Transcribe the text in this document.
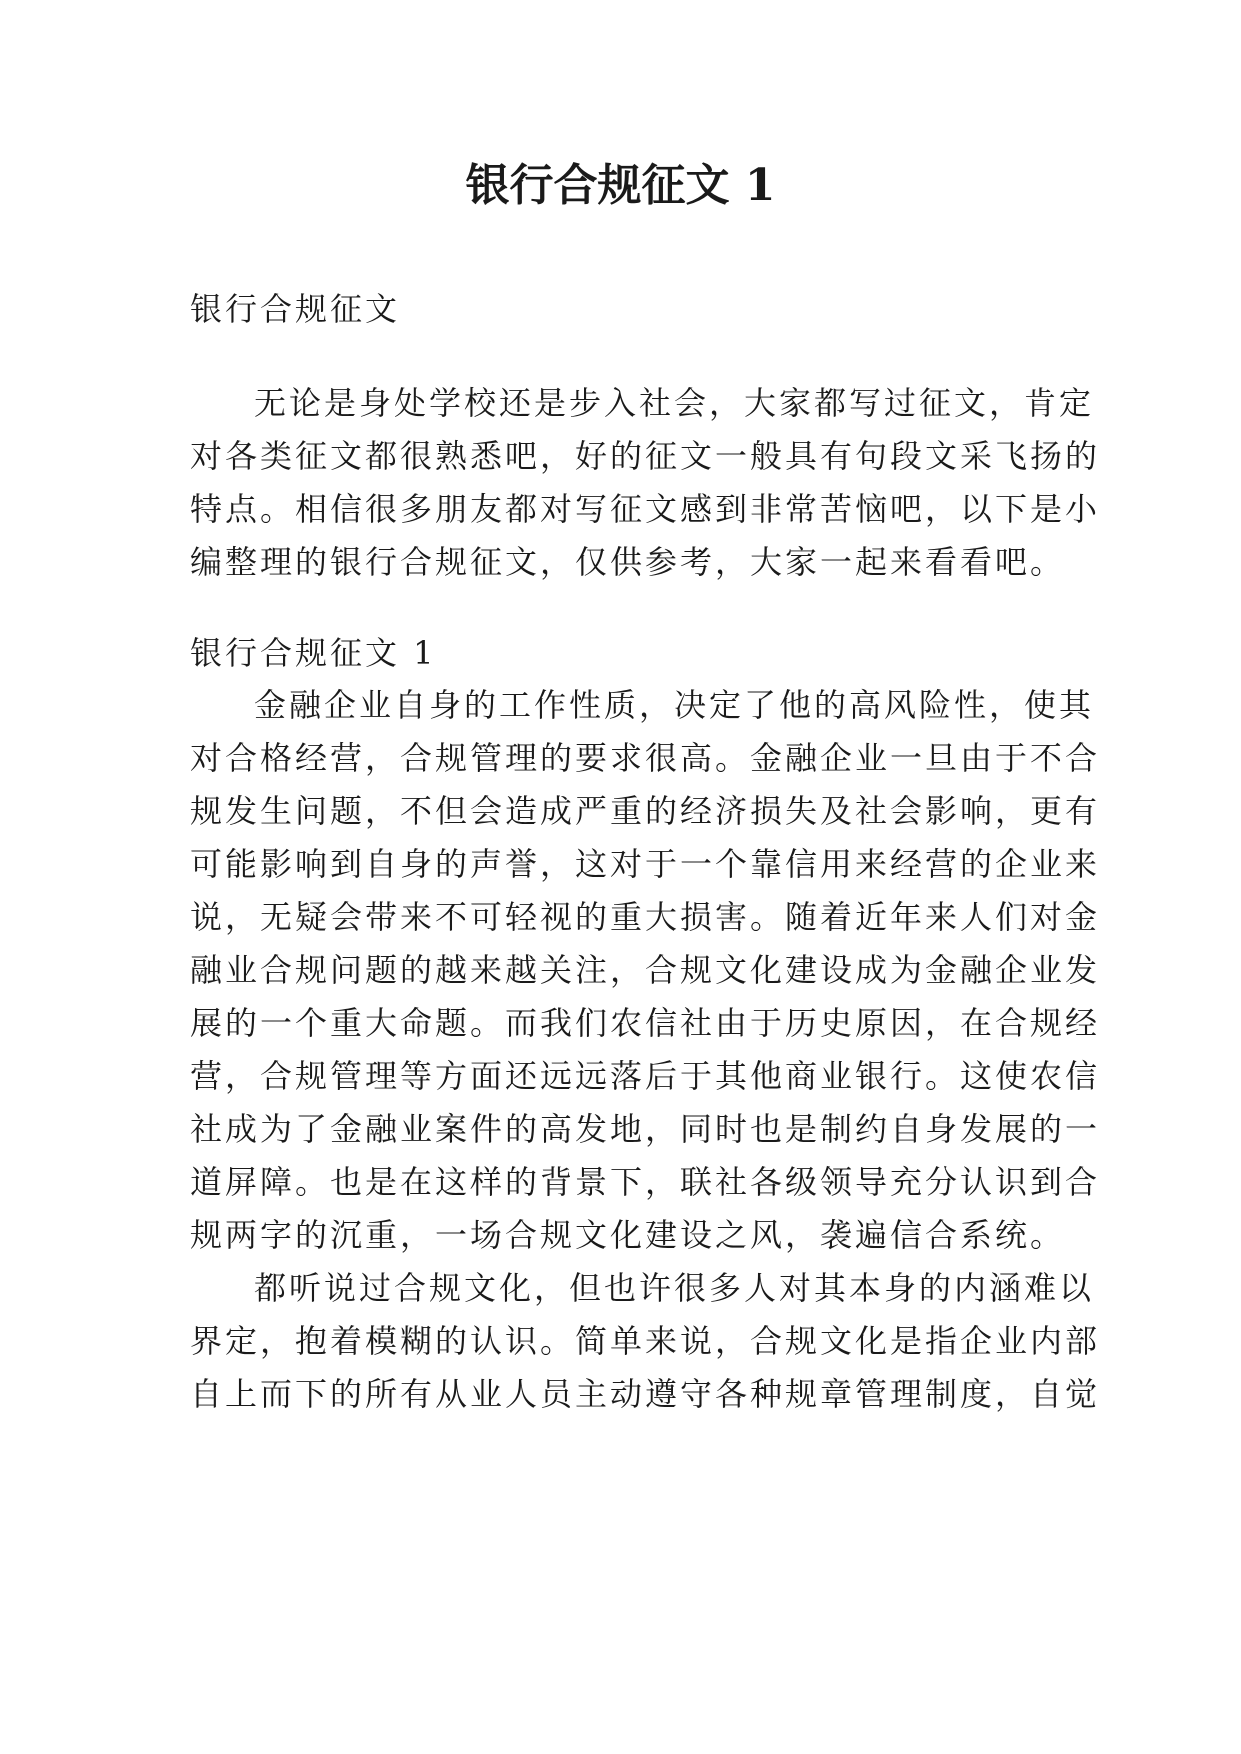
银行合规征文 1

银行合规征文

无论是身处学校还是步入社会，大家都写过征文，肯定

对各类征文都很熟悉吧，好的征文一般具有句段文采飞扬的

特点。相信很多朋友都对写征文感到非常苦恼吧，以下是小

编整理的银行合规征文，仅供参考，大家一起来看看吧。

银行合规征文 1

金融企业自身的工作性质，决定了他的高风险性，使其

对合格经营，合规管理的要求很高。金融企业一旦由于不合

规发生问题，不但会造成严重的经济损失及社会影响，更有

可能影响到自身的声誉，这对于一个靠信用来经营的企业来

说，无疑会带来不可轻视的重大损害。随着近年来人们对金

融业合规问题的越来越关注，合规文化建设成为金融企业发

展的一个重大命题。而我们农信社由于历史原因，在合规经

营，合规管理等方面还远远落后于其他商业银行。这使农信

社成为了金融业案件的高发地，同时也是制约自身发展的一

道屏障。也是在这样的背景下，联社各级领导充分认识到合

规两字的沉重，一场合规文化建设之风，袭遍信合系统。

都听说过合规文化，但也许很多人对其本身的内涵难以

界定，抱着模糊的认识。简单来说，合规文化是指企业内部

自上而下的所有从业人员主动遵守各种规章管理制度，自觉
